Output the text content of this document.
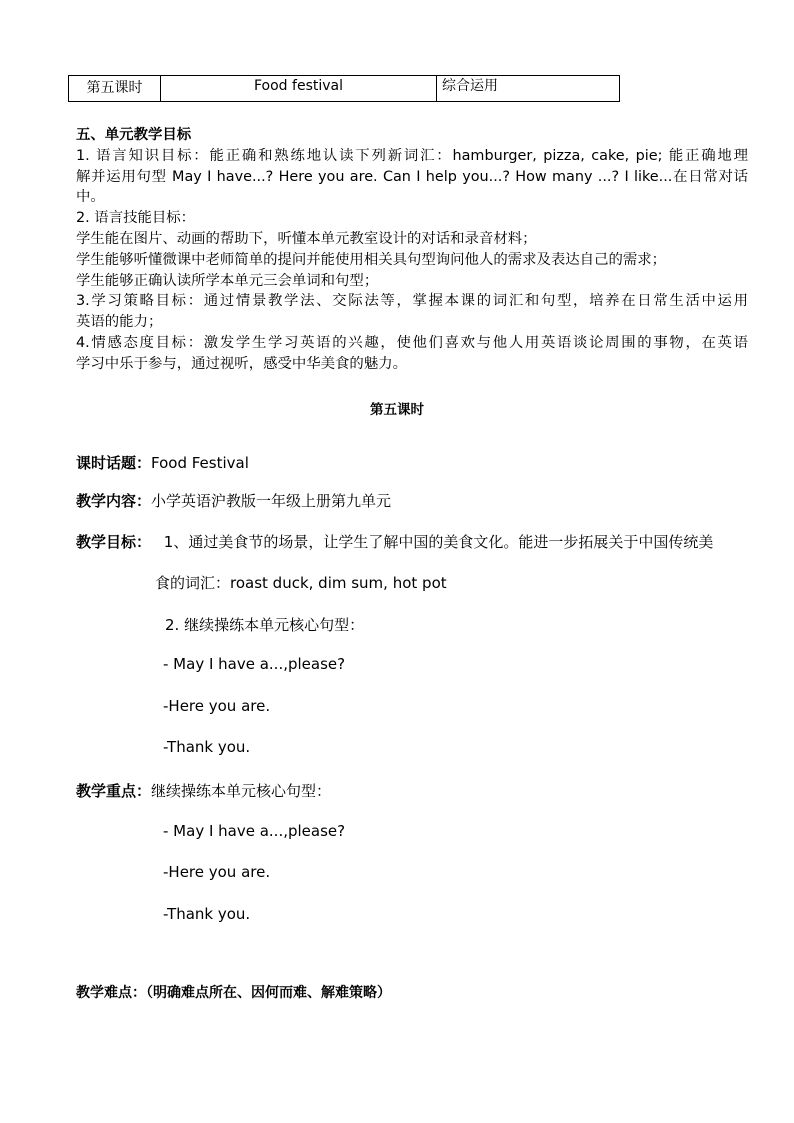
第五课时	Food festival	综合运用
五、单元教学目标
1. 语言知识目标：能正确和熟练地认读下列新词汇：hamburger, pizza, cake, pie; 能正确地理
解并运用句型 May I have...? Here you are. Can I help you...? How many ...? I like...在日常对话
中。
2. 语言技能目标：
学生能在图片、动画的帮助下，听懂本单元教室设计的对话和录音材料；
学生能够听懂微课中老师简单的提问并能使用相关具句型询问他人的需求及表达自己的需求；
学生能够正确认读所学本单元三会单词和句型；
3.学习策略目标：通过情景教学法、交际法等，掌握本课的词汇和句型，培养在日常生活中运用
英语的能力；
4.情感态度目标：激发学生学习英语的兴趣，使他们喜欢与他人用英语谈论周围的事物，在英语
学习中乐于参与，通过视听，感受中华美食的魅力。
第五课时
课时话题：Food Festival
教学内容：小学英语沪教版一年级上册第九单元
教学目标： 1、通过美食节的场景，让学生了解中国的美食文化。能进一步拓展关于中国传统美
食的词汇：roast duck, dim sum, hot pot
2. 继续操练本单元核心句型：
- May I have a...,please?
-Here you are.
-Thank you.
教学重点：继续操练本单元核心句型：
- May I have a...,please?
-Here you are.
-Thank you.
教学难点：（明确难点所在、因何而难、解难策略）
